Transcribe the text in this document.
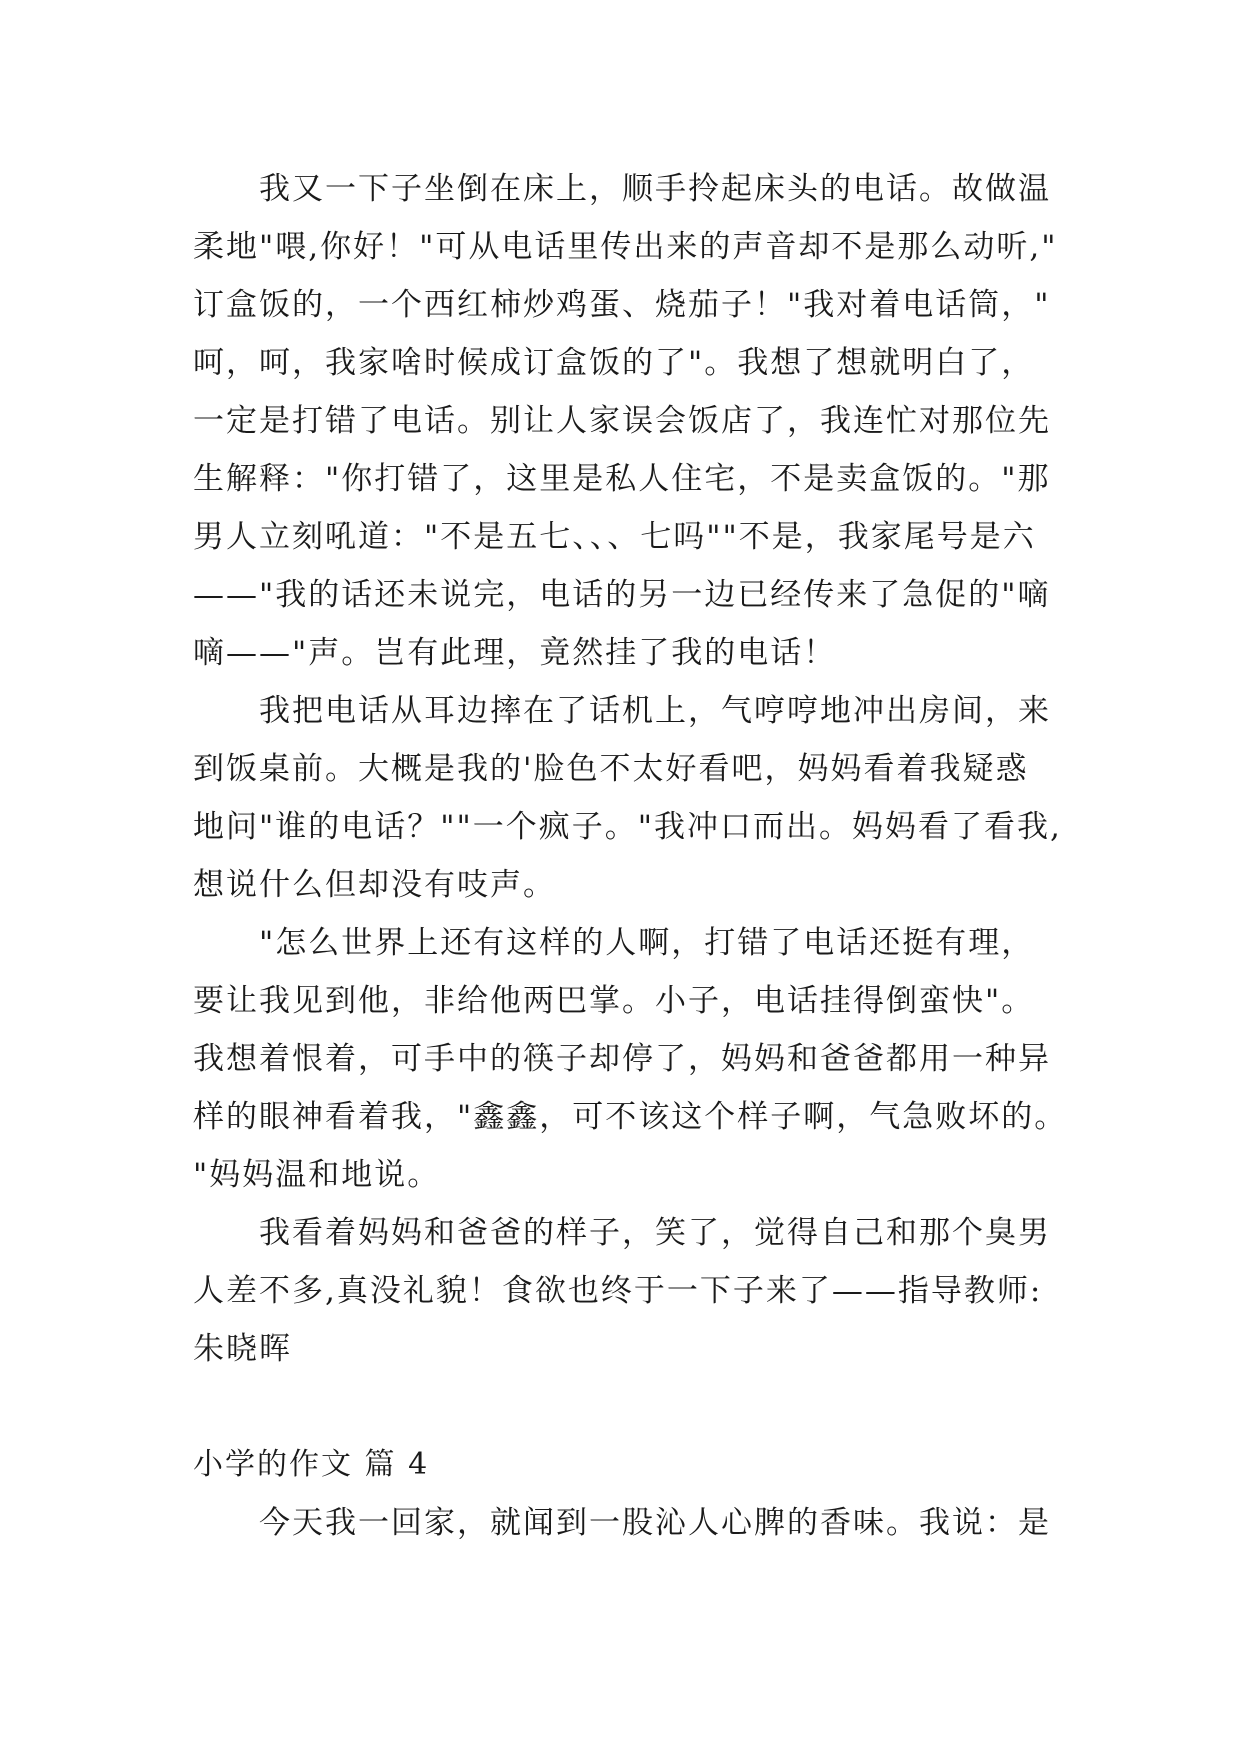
我又一下子坐倒在床上，顺手拎起床头的电话。故做温
柔地"喂,你好！"可从电话里传出来的声音却不是那么动听,"
订盒饭的，一个西红柿炒鸡蛋、烧茄子！"我对着电话筒，"
呵，呵，我家啥时候成订盒饭的了"。我想了想就明白了，
一定是打错了电话。别让人家误会饭店了，我连忙对那位先
生解释："你打错了，这里是私人住宅，不是卖盒饭的。"那
男人立刻吼道："不是五七、、、七吗""不是，我家尾号是六
——"我的话还未说完，电话的另一边已经传来了急促的"嘀
嘀——"声。岂有此理，竟然挂了我的电话！
我把电话从耳边摔在了话机上，气哼哼地冲出房间，来
到饭桌前。大概是我的'脸色不太好看吧，妈妈看着我疑惑
地问"谁的电话？""一个疯子。"我冲口而出。妈妈看了看我,
想说什么但却没有吱声。
"怎么世界上还有这样的人啊，打错了电话还挺有理，
要让我见到他，非给他两巴掌。小子，电话挂得倒蛮快"。
我想着恨着，可手中的筷子却停了，妈妈和爸爸都用一种异
样的眼神看着我，"鑫鑫，可不该这个样子啊，气急败坏的。
"妈妈温和地说。
我看着妈妈和爸爸的样子，笑了，觉得自己和那个臭男
人差不多,真没礼貌！食欲也终于一下子来了——指导教师:
朱晓晖
小学的作文 篇 4
今天我一回家，就闻到一股沁人心脾的香味。我说：是
